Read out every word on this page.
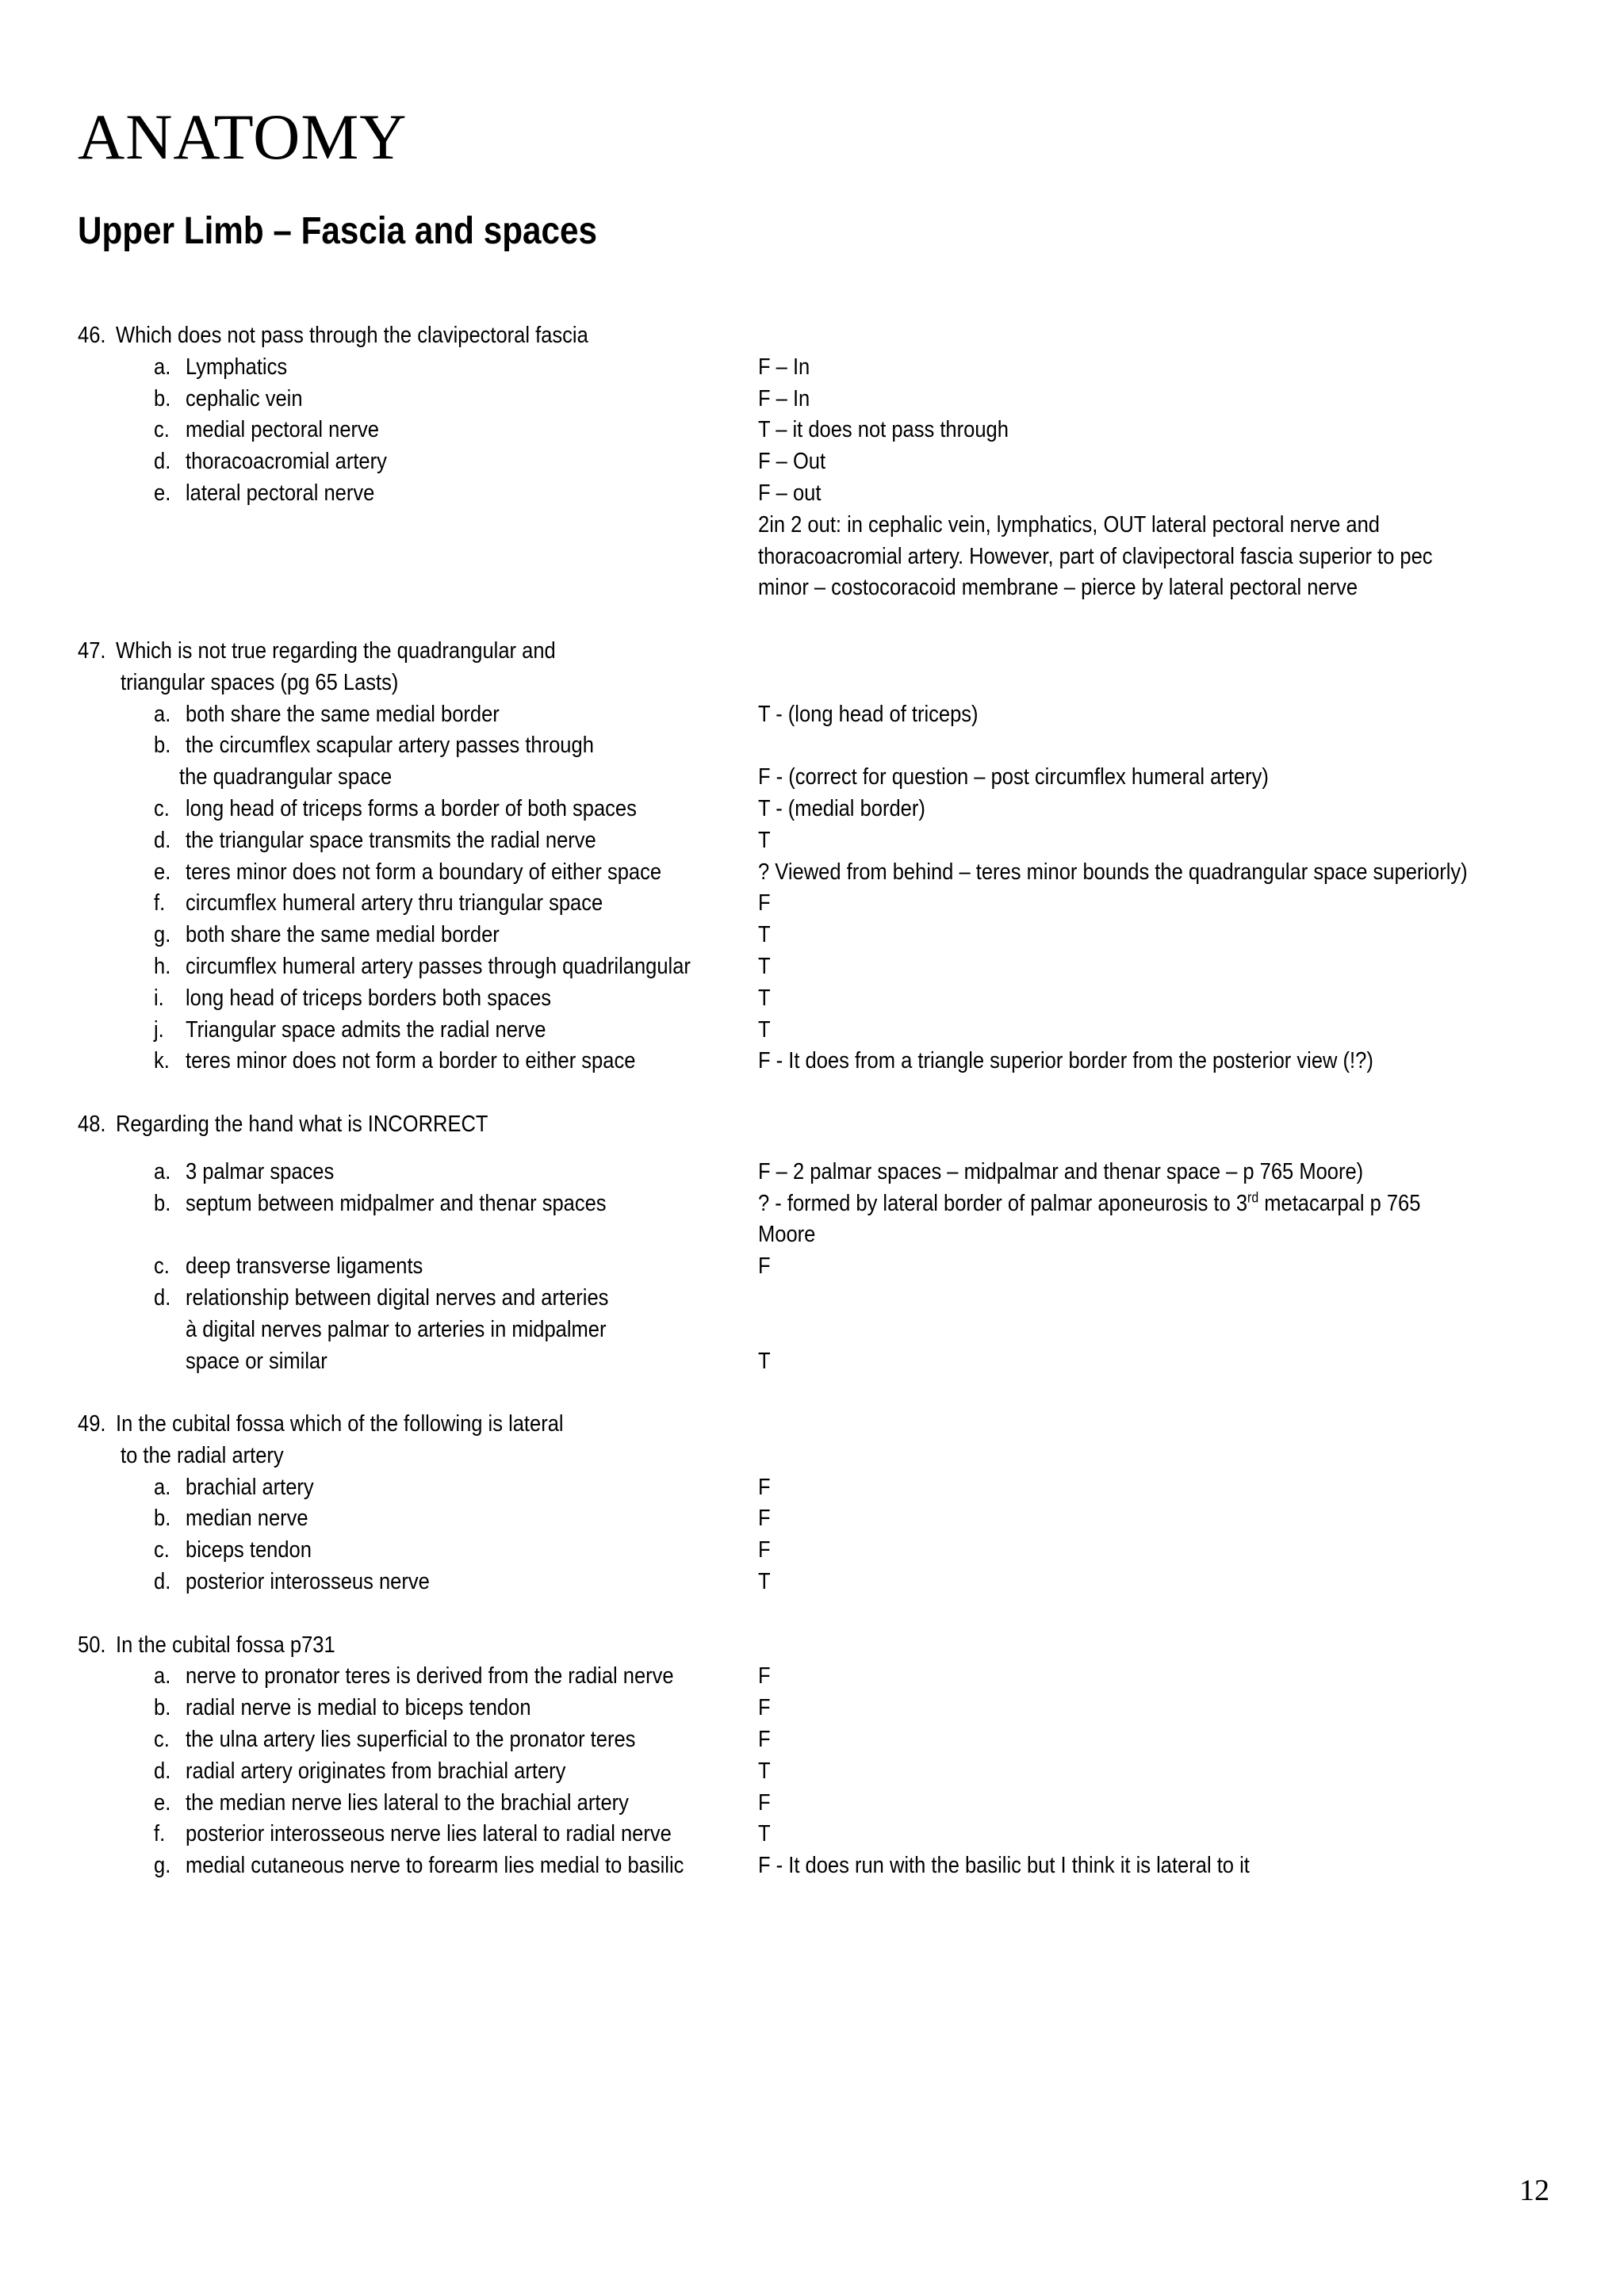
ANATOMY
Upper Limb – Fascia and spaces
46. Which does not pass through the clavipectoral fascia
a. Lymphatics	F – In
b. cephalic vein	F – In
c. medial pectoral nerve	T – it does not pass through
d. thoracoacromial artery	F – Out
e. lateral pectoral nerve	F – out
2in 2 out: in cephalic vein, lymphatics, OUT lateral pectoral nerve and
thoracoacromial artery. However, part of clavipectoral fascia superior to pec
minor – costocoracoid membrane – pierce by lateral pectoral nerve
47. Which is not true regarding the quadrangular and
triangular spaces (pg 65 Lasts)
a. both share the same medial border	T - (long head of triceps)
b. the circumflex scapular artery passes through
the quadrangular space	F - (correct for question – post circumflex humeral artery)
c. long head of triceps forms a border of both spaces	T - (medial border)
d. the triangular space transmits the radial nerve	T
e. teres minor does not form a boundary of either space	? Viewed from behind – teres minor bounds the quadrangular space superiorly)
f. circumflex humeral artery thru triangular space	F
g. both share the same medial border	T
h. circumflex humeral artery passes through quadrilangular	T
i. long head of triceps borders both spaces	T
j. Triangular space admits the radial nerve	T
k. teres minor does not form a border to either space	F - It does from a triangle superior border from the posterior view (!?)
48. Regarding the hand what is INCORRECT
a. 3 palmar spaces	F – 2 palmar spaces – midpalmar and thenar space – p 765 Moore)
b. septum between midpalmer and thenar spaces	? - formed by lateral border of palmar aponeurosis to 3rd metacarpal p 765
Moore
c. deep transverse ligaments	F
d. relationship between digital nerves and arteries
à digital nerves palmar to arteries in midpalmer
space or similar	T
49. In the cubital fossa which of the following is lateral
to the radial artery
a. brachial artery	F
b. median nerve	F
c. biceps tendon	F
d. posterior interosseus nerve	T
50. In the cubital fossa p731
a. nerve to pronator teres is derived from the radial nerve	F
b. radial nerve is medial to biceps tendon	F
c. the ulna artery lies superficial to the pronator teres	F
d. radial artery originates from brachial artery	T
e. the median nerve lies lateral to the brachial artery	F
f. posterior interosseous nerve lies lateral to radial nerve	T
g. medial cutaneous nerve to forearm lies medial to basilic	F - It does run with the basilic but I think it is lateral to it

12
